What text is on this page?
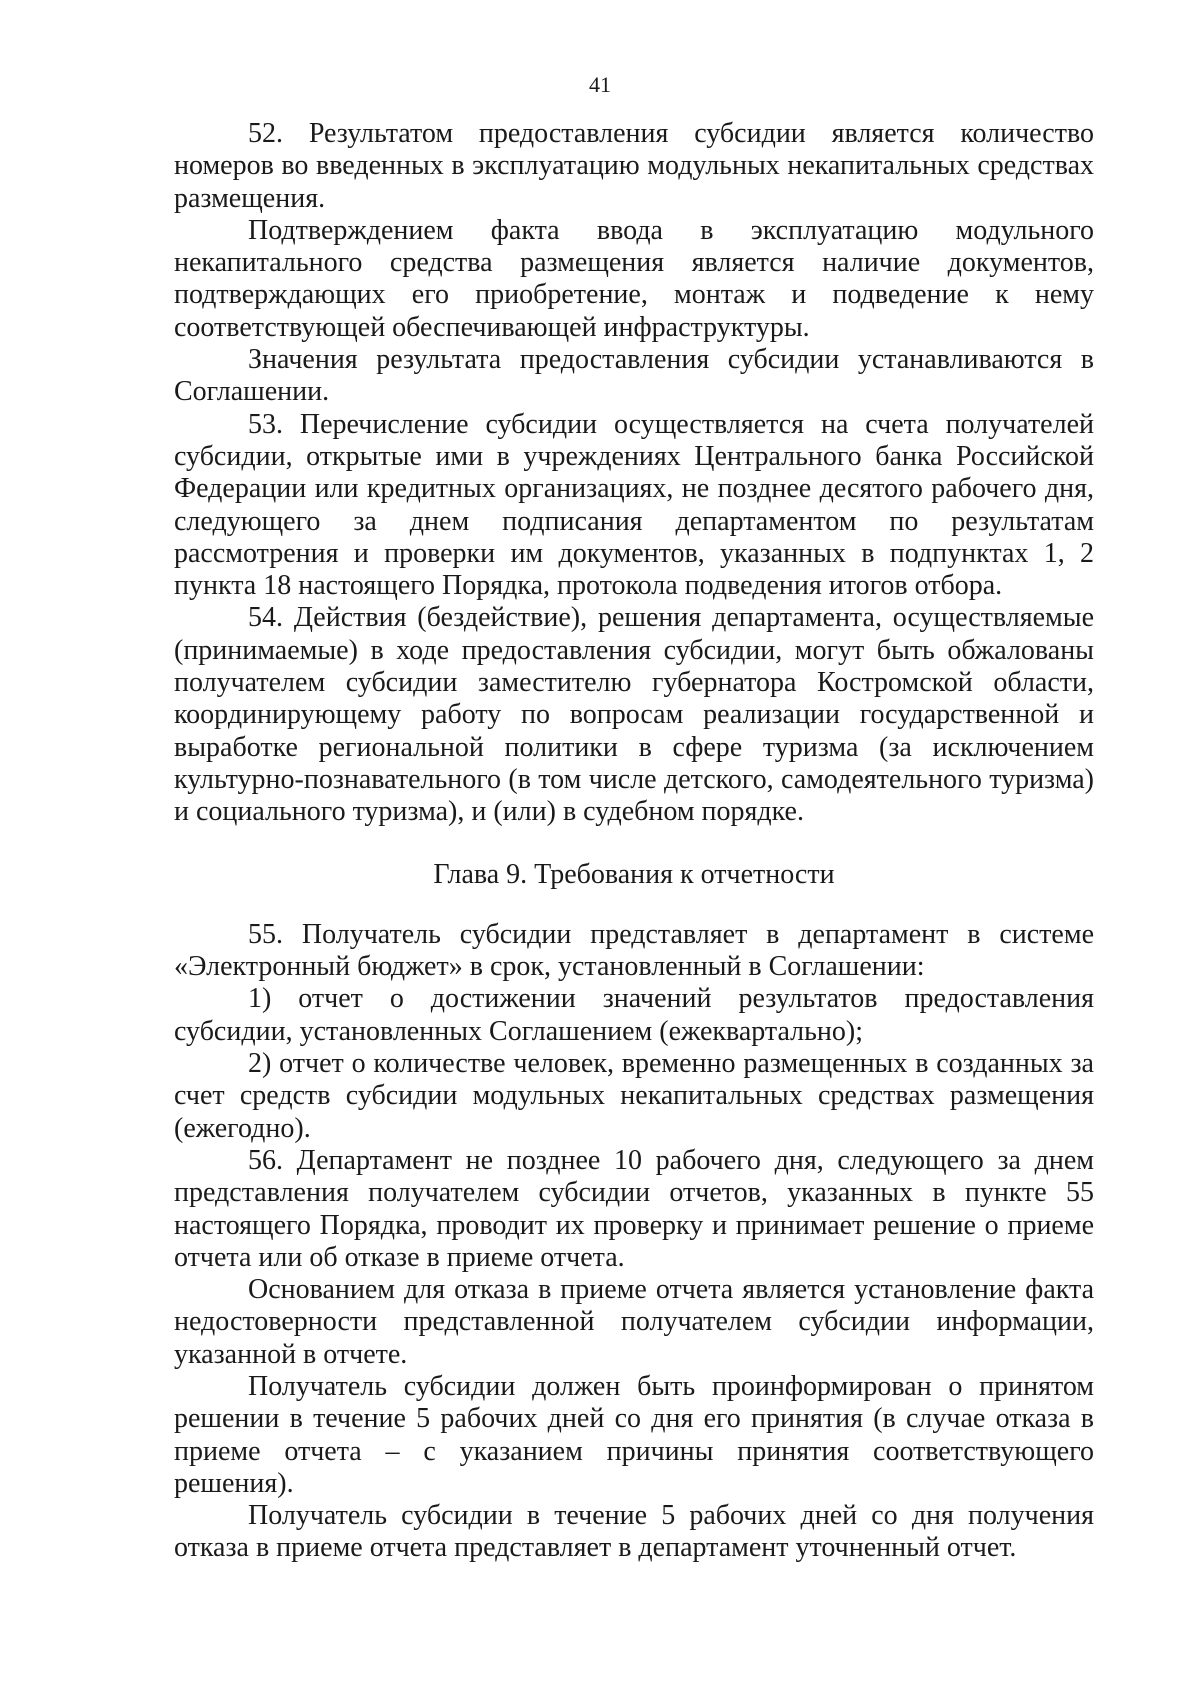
41

52. Результатом предоставления субсидии является количество номеров во введенных в эксплуатацию модульных некапитальных средствах размещения.

Подтверждением факта ввода в эксплуатацию модульного некапитального средства размещения является наличие документов, подтверждающих его приобретение, монтаж и подведение к нему соответствующей обеспечивающей инфраструктуры.

Значения результата предоставления субсидии устанавливаются в Соглашении.

53. Перечисление субсидии осуществляется на счета получателей субсидии, открытые ими в учреждениях Центрального банка Российской Федерации или кредитных организациях, не позднее десятого рабочего дня, следующего за днем подписания департаментом по результатам рассмотрения и проверки им документов, указанных в подпунктах 1, 2 пункта 18 настоящего Порядка, протокола подведения итогов отбора.

54. Действия (бездействие), решения департамента, осуществляемые (принимаемые) в ходе предоставления субсидии, могут быть обжалованы получателем субсидии заместителю губернатора Костромской области, координирующему работу по вопросам реализации государственной и выработке региональной политики в сфере туризма (за исключением культурно-познавательного (в том числе детского, самодеятельного туризма) и социального туризма), и (или) в судебном порядке.

Глава 9. Требования к отчетности

55. Получатель субсидии представляет в департамент в системе «Электронный бюджет» в срок, установленный в Соглашении:

1) отчет о достижении значений результатов предоставления субсидии, установленных Соглашением (ежеквартально);

2) отчет о количестве человек, временно размещенных в созданных за счет средств субсидии модульных некапитальных средствах размещения (ежегодно).

56. Департамент не позднее 10 рабочего дня, следующего за днем представления получателем субсидии отчетов, указанных в пункте 55 настоящего Порядка, проводит их проверку и принимает решение о приеме отчета или об отказе в приеме отчета.

Основанием для отказа в приеме отчета является установление факта недостоверности представленной получателем субсидии информации, указанной в отчете.

Получатель субсидии должен быть проинформирован о принятом решении в течение 5 рабочих дней со дня его принятия (в случае отказа в приеме отчета – с указанием причины принятия соответствующего решения).

Получатель субсидии в течение 5 рабочих дней со дня получения отказа в приеме отчета представляет в департамент уточненный отчет.
